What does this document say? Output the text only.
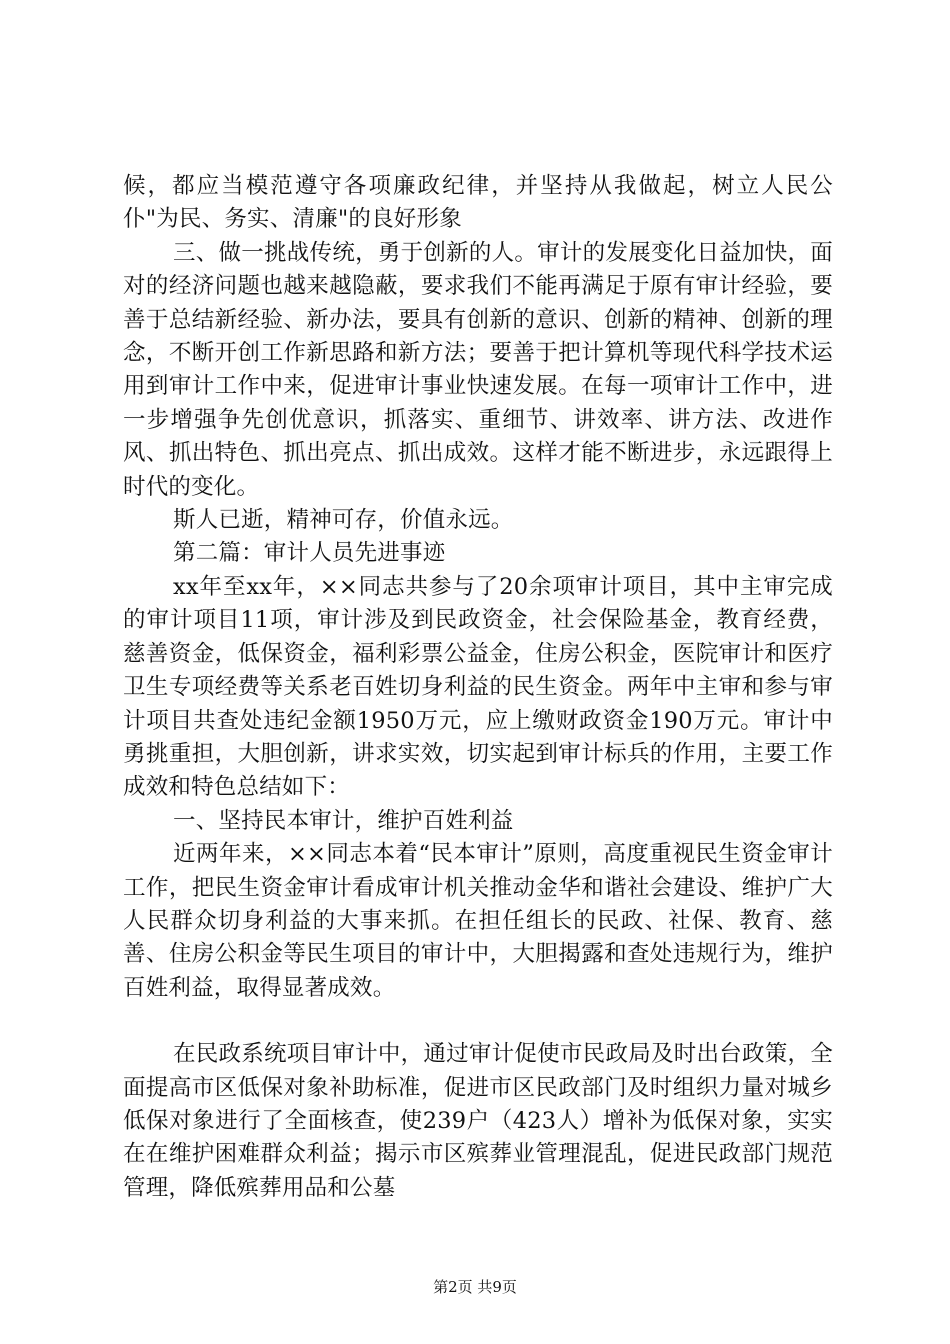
候，都应当模范遵守各项廉政纪律，并坚持从我做起，树立人民公仆"为民、务实、清廉"的良好形象

三、做一挑战传统，勇于创新的人。审计的发展变化日益加快，面对的经济问题也越来越隐蔽，要求我们不能再满足于原有审计经验，要善于总结新经验、新办法，要具有创新的意识、创新的精神、创新的理念，不断开创工作新思路和新方法；要善于把计算机等现代科学技术运用到审计工作中来，促进审计事业快速发展。在每一项审计工作中，进一步增强争先创优意识，抓落实、重细节、讲效率、讲方法、改进作风、抓出特色、抓出亮点、抓出成效。这样才能不断进步，永远跟得上时代的变化。

斯人已逝，精神可存，价值永远。

第二篇：审计人员先进事迹

xx年至xx年，××同志共参与了20余项审计项目，其中主审完成的审计项目11项，审计涉及到民政资金，社会保险基金，教育经费，慈善资金，低保资金，福利彩票公益金，住房公积金，医院审计和医疗卫生专项经费等关系老百姓切身利益的民生资金。两年中主审和参与审计项目共查处违纪金额1950万元，应上缴财政资金190万元。审计中勇挑重担，大胆创新，讲求实效，切实起到审计标兵的作用，主要工作成效和特色总结如下：

一、坚持民本审计，维护百姓利益

近两年来，××同志本着“民本审计”原则，高度重视民生资金审计工作，把民生资金审计看成审计机关推动金华和谐社会建设、维护广大人民群众切身利益的大事来抓。在担任组长的民政、社保、教育、慈善、住房公积金等民生项目的审计中，大胆揭露和查处违规行为，维护百姓利益，取得显著成效。

在民政系统项目审计中，通过审计促使市民政局及时出台政策，全面提高市区低保对象补助标准，促进市区民政部门及时组织力量对城乡低保对象进行了全面核查，使239户（423人）增补为低保对象，实实在在维护困难群众利益；揭示市区殡葬业管理混乱，促进民政部门规范管理，降低殡葬用品和公墓

第2页 共9页
